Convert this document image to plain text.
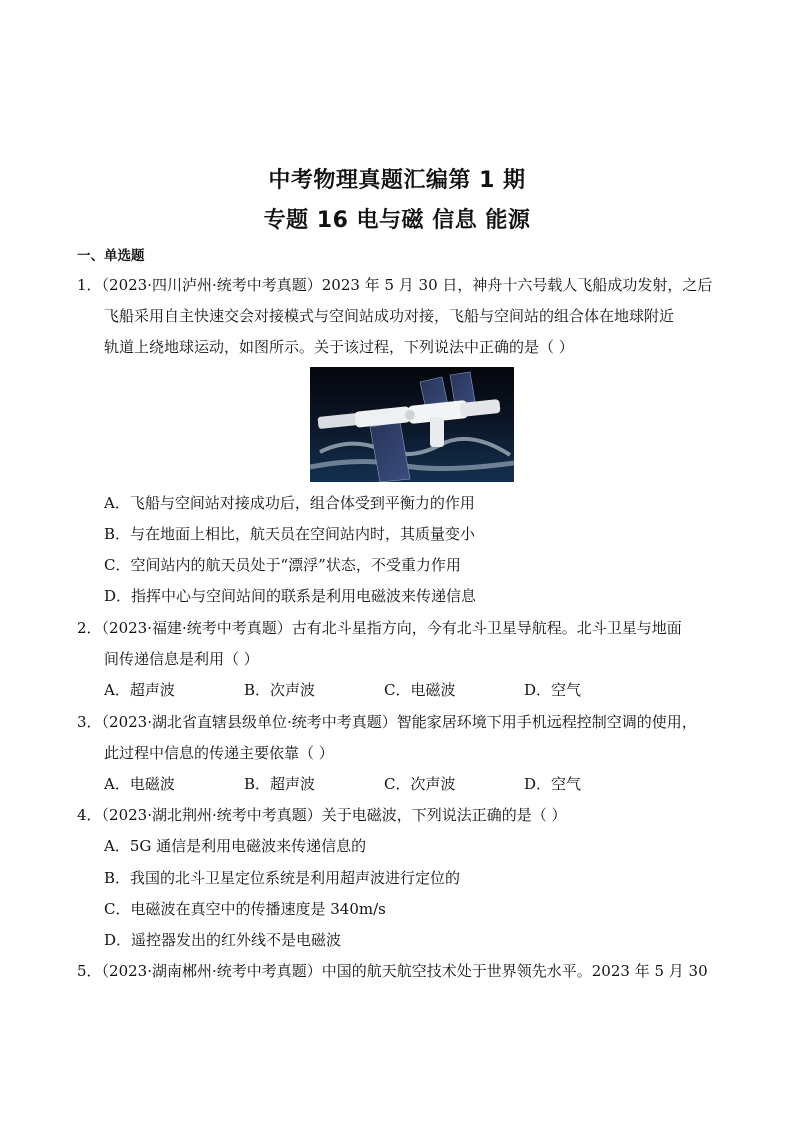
中考物理真题汇编第 1 期
专题 16 电与磁 信息 能源
一、单选题
1．（2023·四川泸州·统考中考真题）2023 年 5 月 30 日，神舟十六号载人飞船成功发射，之后
飞船采用自主快速交会对接模式与空间站成功对接，飞船与空间站的组合体在地球附近
轨道上绕地球运动，如图所示。关于该过程，下列说法中正确的是（ ）
A．飞船与空间站对接成功后，组合体受到平衡力的作用
B．与在地面上相比，航天员在空间站内时，其质量变小
C．空间站内的航天员处于“漂浮”状态，不受重力作用
D．指挥中心与空间站间的联系是利用电磁波来传递信息
2．（2023·福建·统考中考真题）古有北斗星指方向，今有北斗卫星导航程。北斗卫星与地面
间传递信息是利用（ ）
A．超声波	B．次声波	C．电磁波	D．空气
3．（2023·湖北省直辖县级单位·统考中考真题）智能家居环境下用手机远程控制空调的使用，
此过程中信息的传递主要依靠（ ）
A．电磁波	B．超声波	C．次声波	D．空气
4．（2023·湖北荆州·统考中考真题）关于电磁波，下列说法正确的是（ ）
A．5G 通信是利用电磁波来传递信息的
B．我国的北斗卫星定位系统是利用超声波进行定位的
C．电磁波在真空中的传播速度是 340m/s
D．遥控器发出的红外线不是电磁波
5．（2023·湖南郴州·统考中考真题）中国的航天航空技术处于世界领先水平。2023 年 5 月 30
